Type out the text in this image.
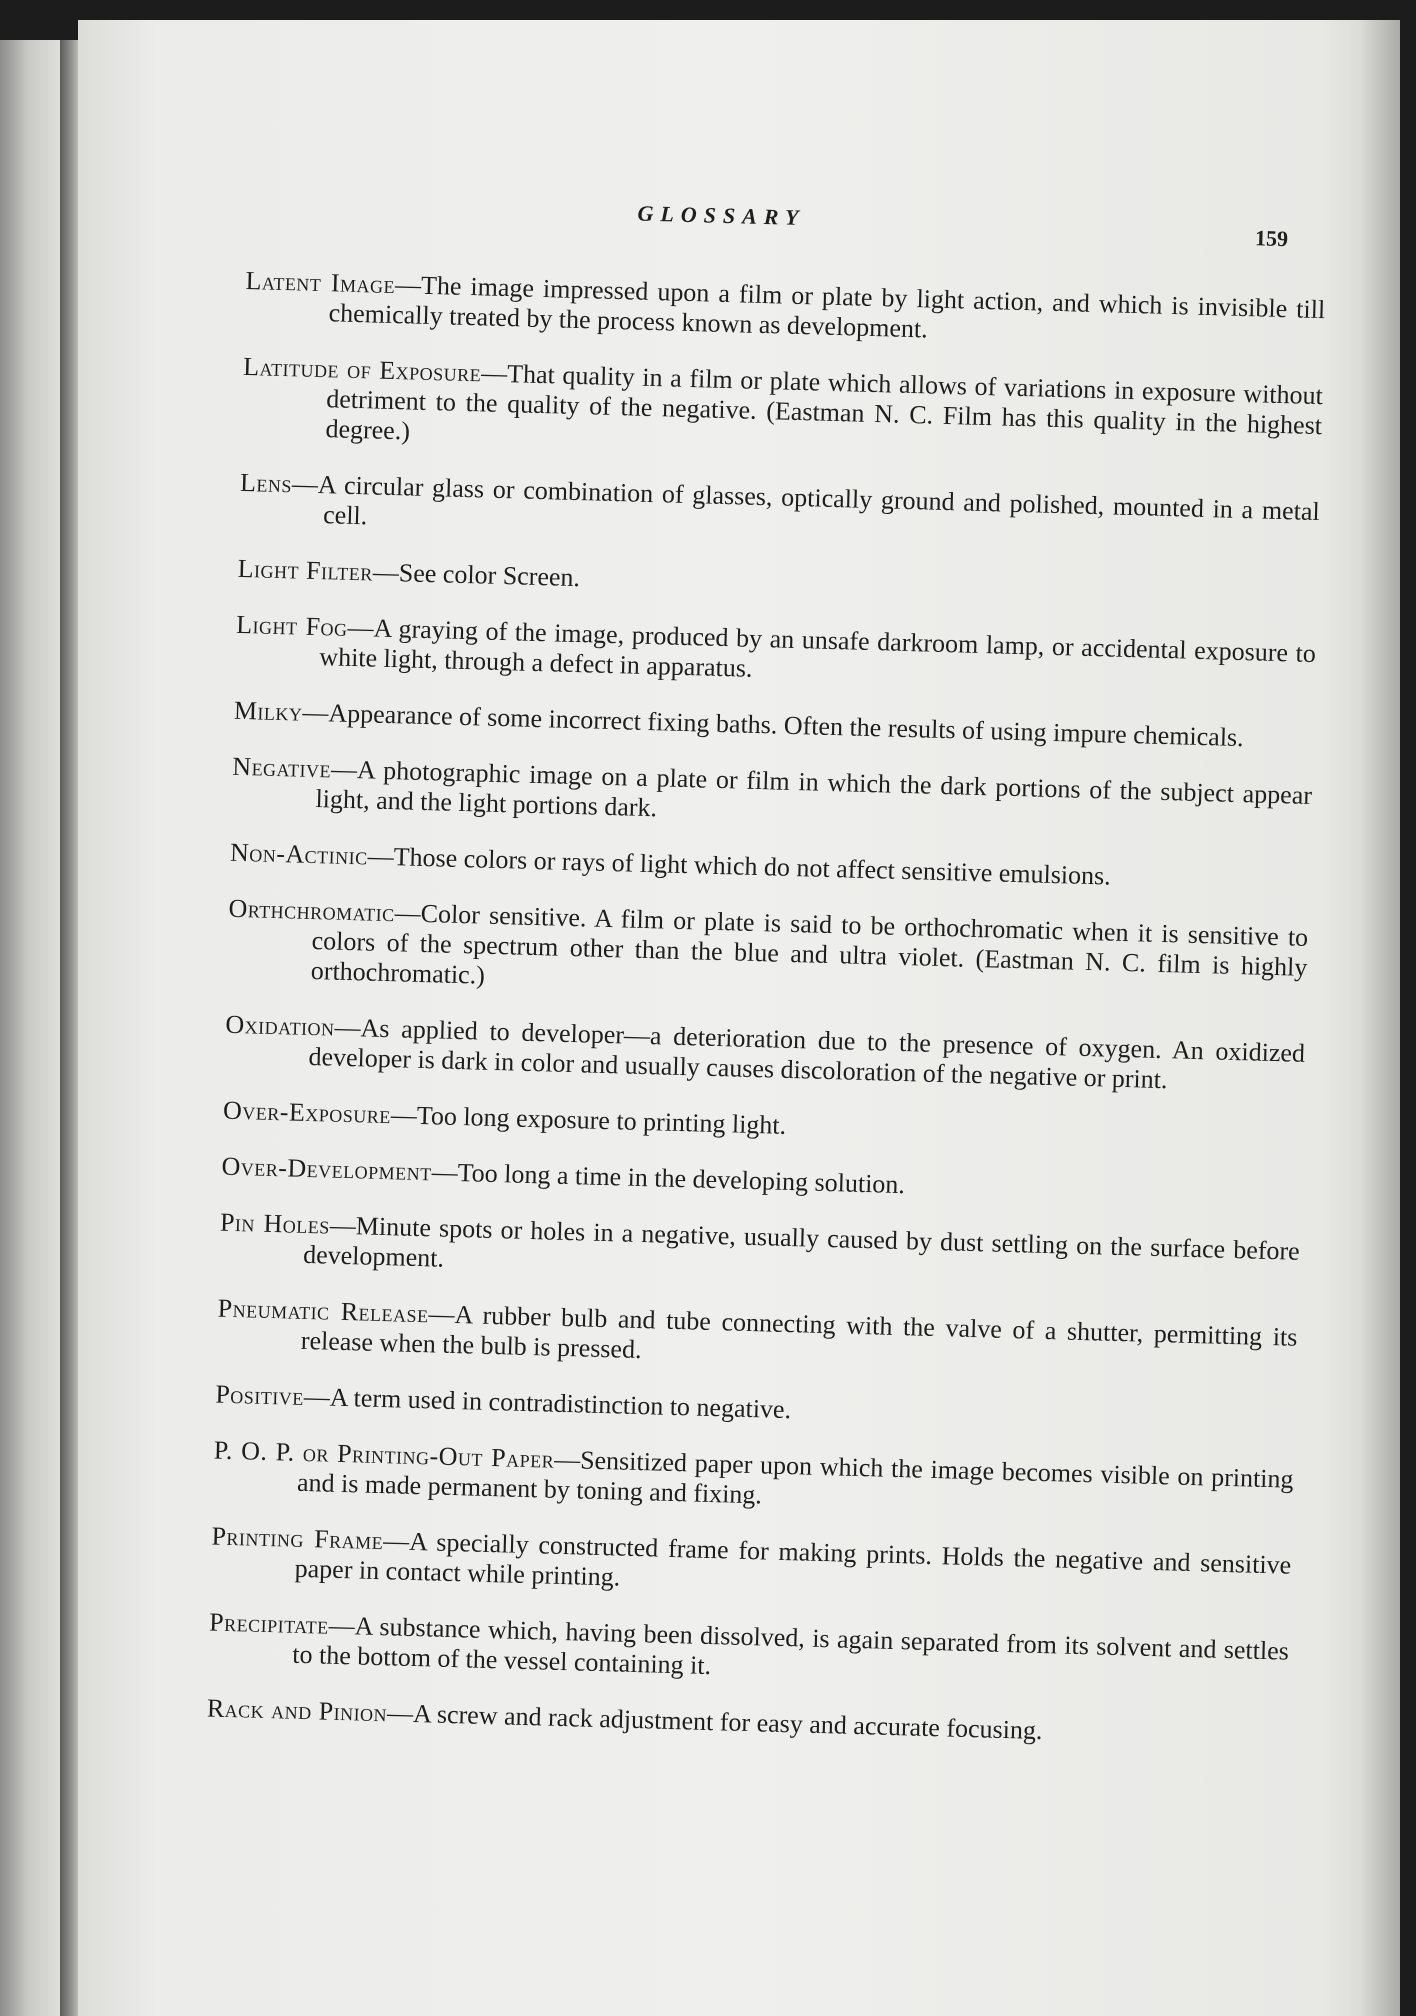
GLOSSARY
159

Latent Image—The image impressed upon a film or plate by light action, and which is invisible till chemically treated by the process known as development.

Latitude of Exposure—That quality in a film or plate which allows of variations in exposure without detriment to the quality of the negative. (Eastman N. C. Film has this quality in the highest degree.)

Lens—A circular glass or combination of glasses, optically ground and polished, mounted in a metal cell.

Light Filter—See color Screen.

Light Fog—A graying of the image, produced by an unsafe darkroom lamp, or accidental exposure to white light, through a defect in apparatus.

Milky—Appearance of some incorrect fixing baths. Often the results of using impure chemicals.

Negative—A photographic image on a plate or film in which the dark portions of the subject appear light, and the light portions dark.

Non-Actinic—Those colors or rays of light which do not affect sensitive emulsions.

Orthchromatic—Color sensitive. A film or plate is said to be orthochromatic when it is sensitive to colors of the spectrum other than the blue and ultra violet. (Eastman N. C. film is highly orthochromatic.)

Oxidation—As applied to developer—a deterioration due to the presence of oxygen. An oxidized developer is dark in color and usually causes discoloration of the negative or print.

Over-Exposure—Too long exposure to printing light.

Over-Development—Too long a time in the developing solution.

Pin Holes—Minute spots or holes in a negative, usually caused by dust settling on the surface before development.

Pneumatic Release—A rubber bulb and tube connecting with the valve of a shutter, permitting its release when the bulb is pressed.

Positive—A term used in contradistinction to negative.

P. O. P. or Printing-Out Paper—Sensitized paper upon which the image becomes visible on printing and is made permanent by toning and fixing.

Printing Frame—A specially constructed frame for making prints. Holds the negative and sensitive paper in contact while printing.

Precipitate—A substance which, having been dissolved, is again separated from its solvent and settles to the bottom of the vessel containing it.

Rack and Pinion—A screw and rack adjustment for easy and accurate focusing.
